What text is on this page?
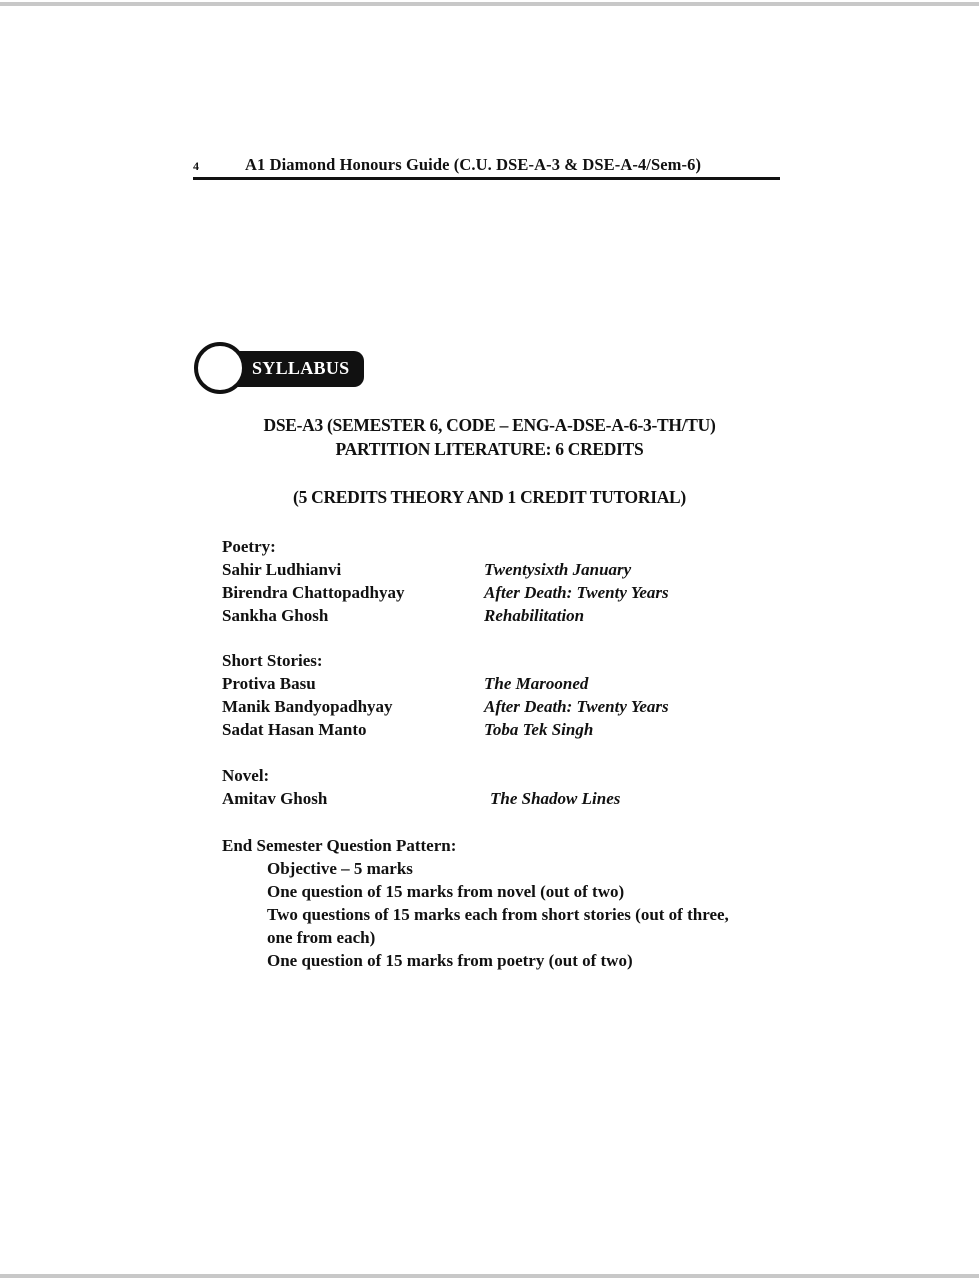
4	A1 Diamond Honours Guide (C.U. DSE-A-3 & DSE-A-4/Sem-6)
SYLLABUS
DSE-A3 (SEMESTER 6, CODE – ENG-A-DSE-A-6-3-TH/TU)
PARTITION LITERATURE: 6 CREDITS
(5 CREDITS THEORY AND 1 CREDIT TUTORIAL)
Poetry:
Sahir Ludhianvi	Twentysixth January
Birendra Chattopadhyay	After Death: Twenty Years
Sankha Ghosh	Rehabilitation
Short Stories:
Protiva Basu	The Marooned
Manik Bandyopadhyay	After Death: Twenty Years
Sadat Hasan Manto	Toba Tek Singh
Novel:
Amitav Ghosh	The Shadow Lines
End Semester Question Pattern:
Objective – 5 marks
One question of 15 marks from novel (out of two)
Two questions of 15 marks each from short stories (out of three,
one from each)
One question of 15 marks from poetry (out of two)
